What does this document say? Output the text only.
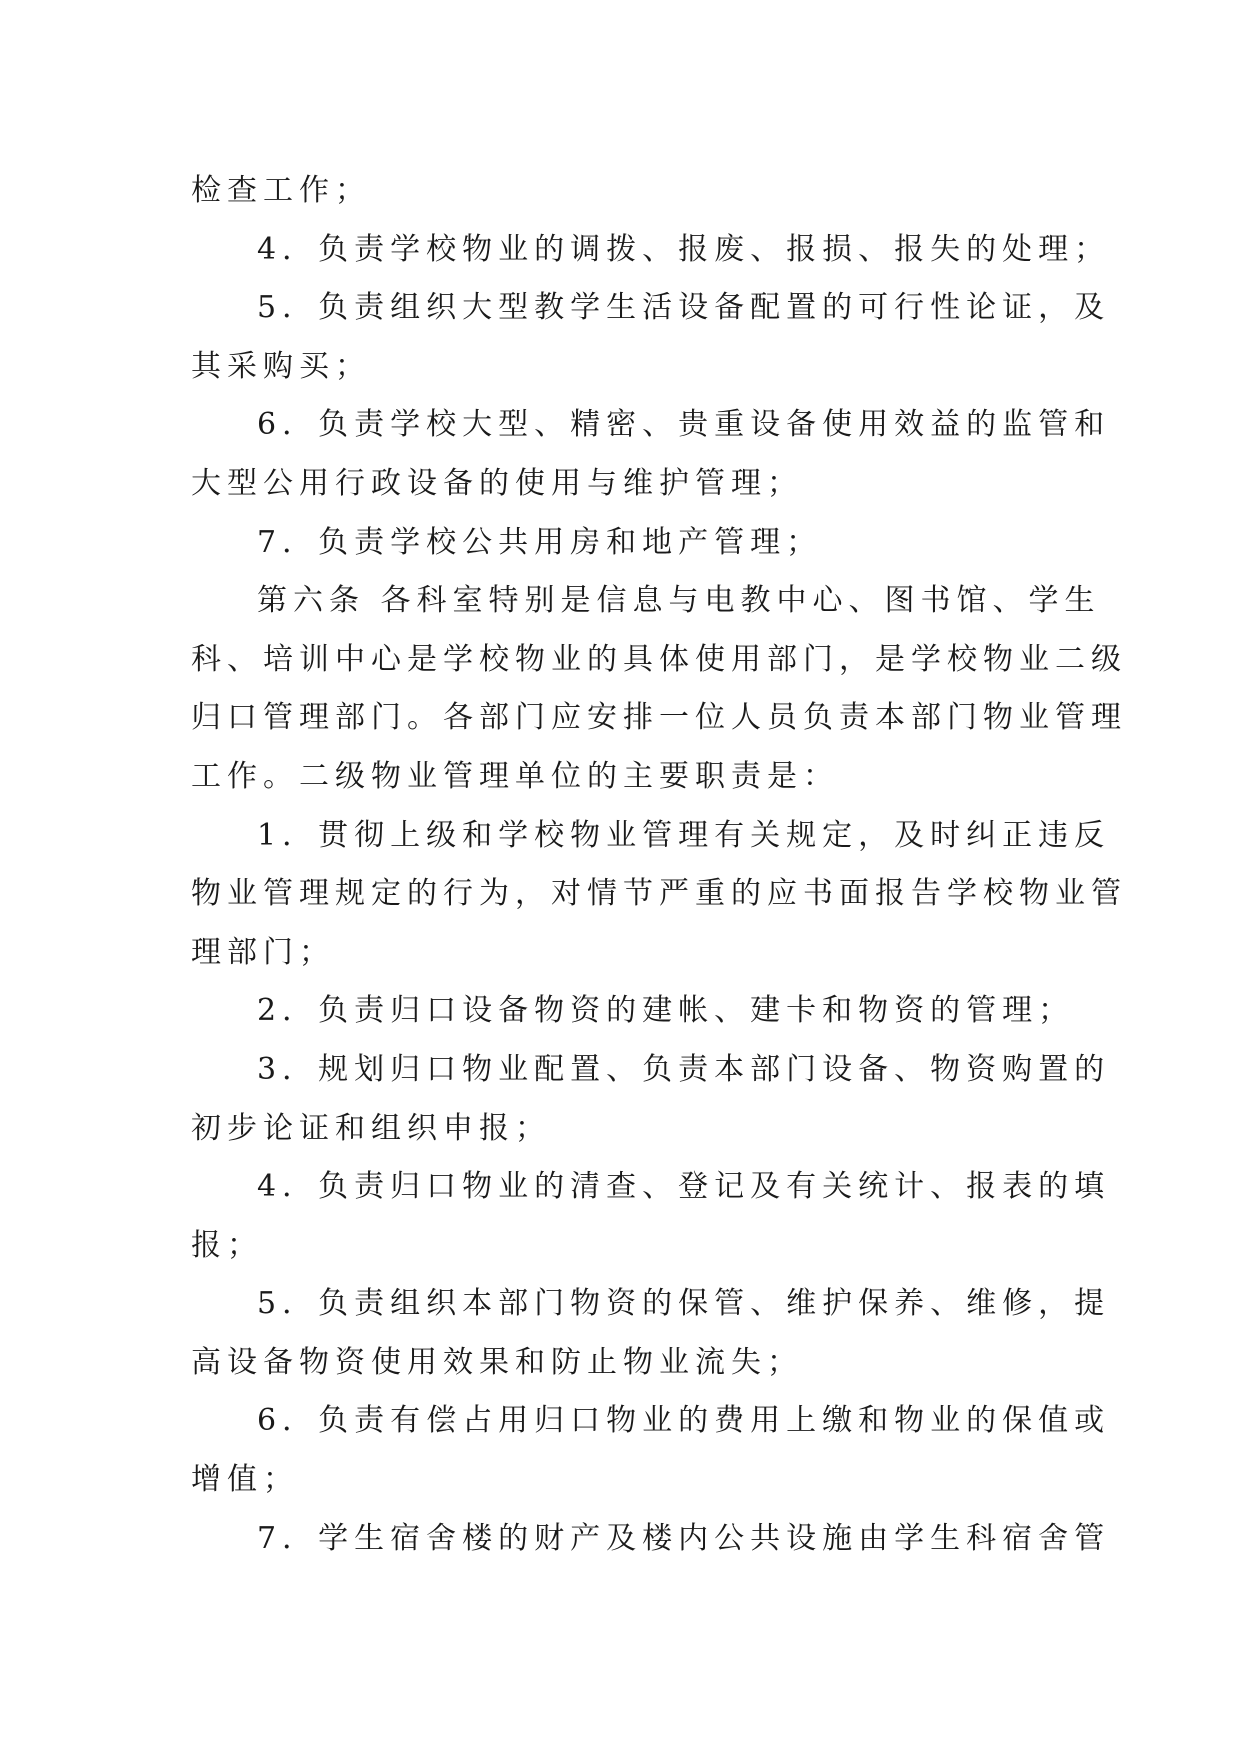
检查工作；
4．负责学校物业的调拨、报废、报损、报失的处理；
5．负责组织大型教学生活设备配置的可行性论证，及
其采购买；
6．负责学校大型、精密、贵重设备使用效益的监管和
大型公用行政设备的使用与维护管理；
7．负责学校公共用房和地产管理；
第六条 各科室特别是信息与电教中心、图书馆、学生
科、培训中心是学校物业的具体使用部门，是学校物业二级
归口管理部门。各部门应安排一位人员负责本部门物业管理
工作。二级物业管理单位的主要职责是：
1．贯彻上级和学校物业管理有关规定，及时纠正违反
物业管理规定的行为，对情节严重的应书面报告学校物业管
理部门；
2．负责归口设备物资的建帐、建卡和物资的管理；
3．规划归口物业配置、负责本部门设备、物资购置的
初步论证和组织申报；
4．负责归口物业的清查、登记及有关统计、报表的填
报；
5．负责组织本部门物资的保管、维护保养、维修，提
高设备物资使用效果和防止物业流失；
6．负责有偿占用归口物业的费用上缴和物业的保值或
增值；
7．学生宿舍楼的财产及楼内公共设施由学生科宿舍管
